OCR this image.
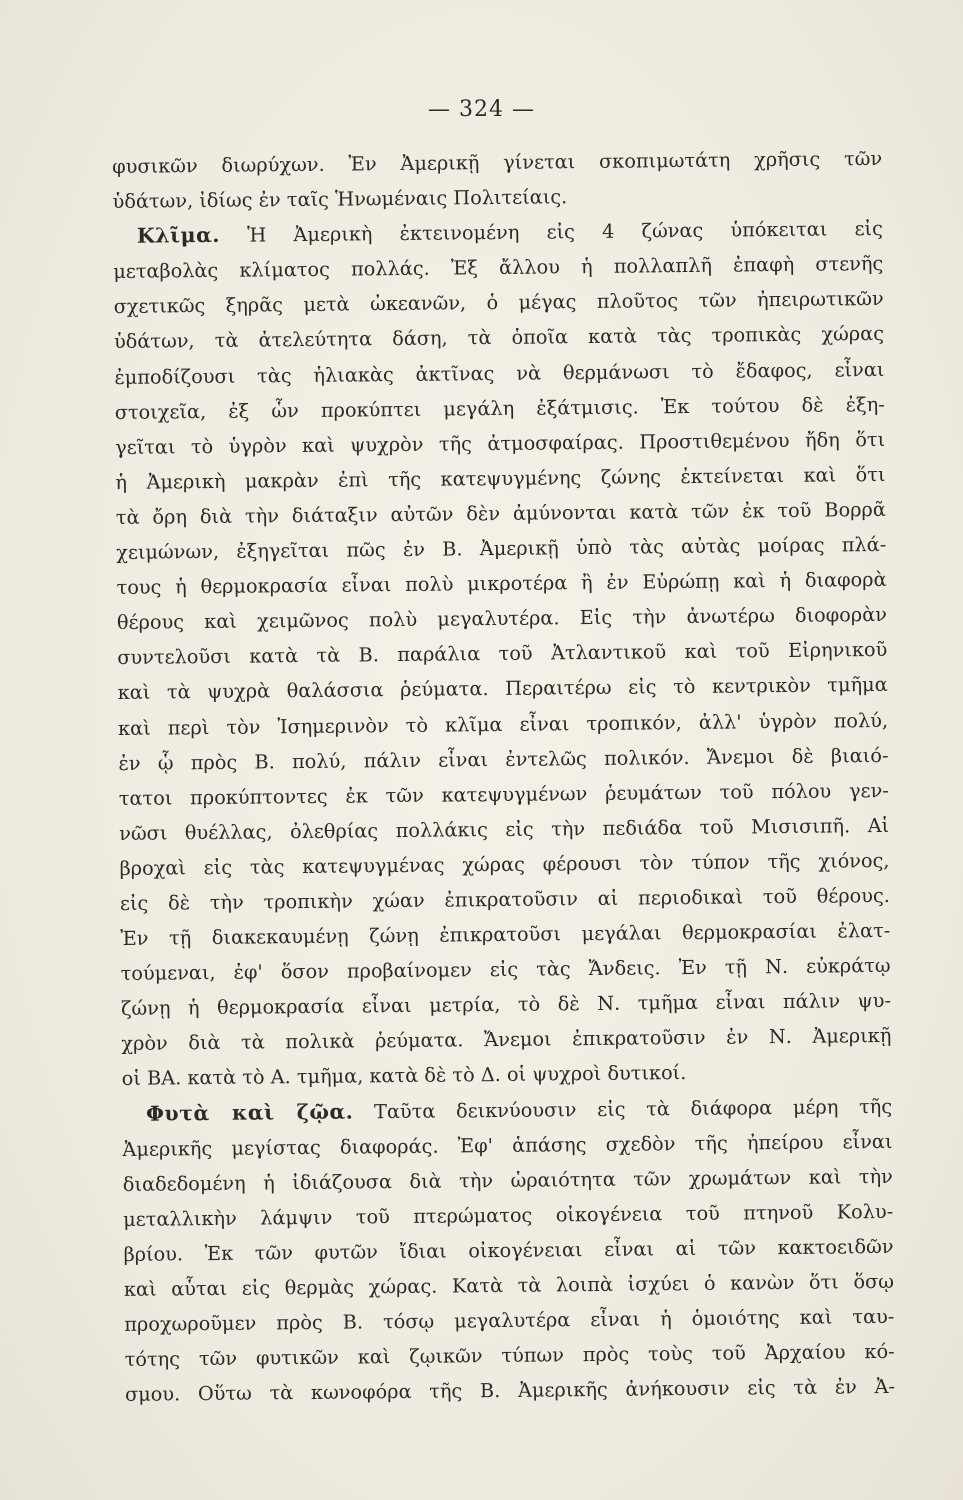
— 324 —
φυσικῶν διωρύχων. Ἐν Ἀμερικῇ γίνεται σκοπιμωτάτη χρῆσις τῶν
ὑδάτων, ἰδίως ἐν ταῖς Ἡνωμέναις Πολιτείαις.
Κλῖμα. Ἡ Ἀμερικὴ ἐκτεινομένη εἰς 4 ζώνας ὑπόκειται εἰς
μεταβολὰς κλίματος πολλάς. Ἐξ ἄλλου ἡ πολλαπλῆ ἐπαφὴ στενῆς
σχετικῶς ξηρᾶς μετὰ ὠκεανῶν, ὁ μέγας πλοῦτος τῶν ἠπειρωτικῶν
ὑδάτων, τὰ ἀτελεύτητα δάση, τὰ ὁποῖα κατὰ τὰς τροπικὰς χώρας
ἐμποδίζουσι τὰς ἡλιακὰς ἀκτῖνας νὰ θερμάνωσι τὸ ἔδαφος, εἶναι
στοιχεῖα, ἐξ ὧν προκύπτει μεγάλη ἐξάτμισις. Ἐκ τούτου δὲ ἐξη-
γεῖται τὸ ὑγρὸν καὶ ψυχρὸν τῆς ἀτμοσφαίρας. Προστιθεμένου ἤδη ὅτι
ἡ Ἀμερικὴ μακρὰν ἐπὶ τῆς κατεψυγμένης ζώνης ἐκτείνεται καὶ ὅτι
τὰ ὄρη διὰ τὴν διάταξιν αὐτῶν δὲν ἀμύνονται κατὰ τῶν ἐκ τοῦ Βορρᾶ
χειμώνων, ἐξηγεῖται πῶς ἐν Β. Ἀμερικῇ ὑπὸ τὰς αὐτὰς μοίρας πλά-
τους ἡ θερμοκρασία εἶναι πολὺ μικροτέρα ἢ ἐν Εὐρώπῃ καὶ ἡ διαφορὰ
θέρους καὶ χειμῶνος πολὺ μεγαλυτέρα. Εἰς τὴν ἀνωτέρω διοφορὰν
συντελοῦσι κατὰ τὰ Β. παράλια τοῦ Ἀτλαντικοῦ καὶ τοῦ Εἰρηνικοῦ
καὶ τὰ ψυχρὰ θαλάσσια ῥεύματα. Περαιτέρω εἰς τὸ κεντρικὸν τμῆμα
καὶ περὶ τὸν Ἰσημερινὸν τὸ κλῖμα εἶναι τροπικόν, ἀλλ' ὑγρὸν πολύ,
ἐν ᾧ πρὸς Β. πολύ, πάλιν εἶναι ἐντελῶς πολικόν. Ἄνεμοι δὲ βιαιό-
τατοι προκύπτοντες ἐκ τῶν κατεψυγμένων ῥευμάτων τοῦ πόλου γεν-
νῶσι θυέλλας, ὀλεθρίας πολλάκις εἰς τὴν πεδιάδα τοῦ Μισισιπῆ. Αἱ
βροχαὶ εἰς τὰς κατεψυγμένας χώρας φέρουσι τὸν τύπον τῆς χιόνος,
εἰς δὲ τὴν τροπικὴν χώαν ἐπικρατοῦσιν αἱ περιοδικαὶ τοῦ θέρους.
Ἐν τῇ διακεκαυμένῃ ζώνῃ ἐπικρατοῦσι μεγάλαι θερμοκρασίαι ἐλατ-
τούμεναι, ἐφ' ὅσον προβαίνομεν εἰς τὰς Ἄνδεις. Ἐν τῇ Ν. εὐκράτῳ
ζώνῃ ἡ θερμοκρασία εἶναι μετρία, τὸ δὲ Ν. τμῆμα εἶναι πάλιν ψυ-
χρὸν διὰ τὰ πολικὰ ῥεύματα. Ἄνεμοι ἐπικρατοῦσιν ἐν Ν. Ἀμερικῇ
οἱ ΒΑ. κατὰ τὸ Α. τμῆμα, κατὰ δὲ τὸ Δ. οἱ ψυχροὶ δυτικοί.
Φυτὰ καὶ ζῷα. Ταῦτα δεικνύουσιν εἰς τὰ διάφορα μέρη τῆς
Ἀμερικῆς μεγίστας διαφοράς. Ἐφ' ἁπάσης σχεδὸν τῆς ἠπείρου εἶναι
διαδεδομένη ἡ ἰδιάζουσα διὰ τὴν ὡραιότητα τῶν χρωμάτων καὶ τὴν
μεταλλικὴν λάμψιν τοῦ πτερώματος οἰκογένεια τοῦ πτηνοῦ Κολυ-
βρίου. Ἐκ τῶν φυτῶν ἴδιαι οἰκογένειαι εἶναι αἱ τῶν κακτοειδῶν
καὶ αὗται εἰς θερμὰς χώρας. Κατὰ τὰ λοιπὰ ἰσχύει ὁ κανὼν ὅτι ὅσῳ
προχωροῦμεν πρὸς Β. τόσῳ μεγαλυτέρα εἶναι ἡ ὁμοιότης καὶ ταυ-
τότης τῶν φυτικῶν καὶ ζῳικῶν τύπων πρὸς τοὺς τοῦ Ἀρχαίου κό-
σμου. Οὕτω τὰ κωνοφόρα τῆς Β. Ἀμερικῆς ἀνήκουσιν εἰς τὰ ἐν Ἀ-
